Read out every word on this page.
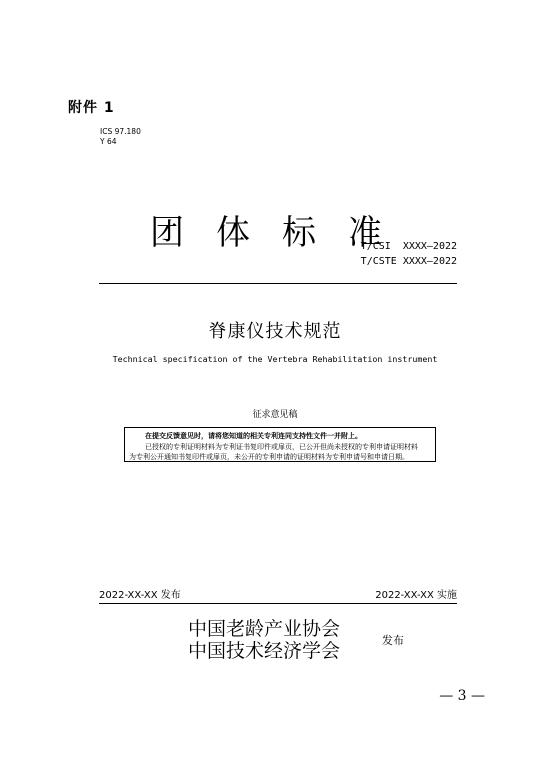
附件 1
ICS 97.180
Y 64
团 体 标 准
T/CSI  XXXX—2022
T/CSTE XXXX—2022
脊康仪技术规范
Technical specification of the Vertebra Rehabilitation instrument
征求意见稿
在提交反馈意见时，请将您知道的相关专利连同支持性文件一并附上。
已授权的专利证明材料为专利证书复印件或扉页，已公开但尚未授权的专利申请证明材料
为专利公开通知书复印件或扉页，未公开的专利申请的证明材料为专利申请号和申请日期。
2022-XX-XX 发布	2022-XX-XX 实施
中国老龄产业协会
中国技术经济学会	发布
— 3 —
